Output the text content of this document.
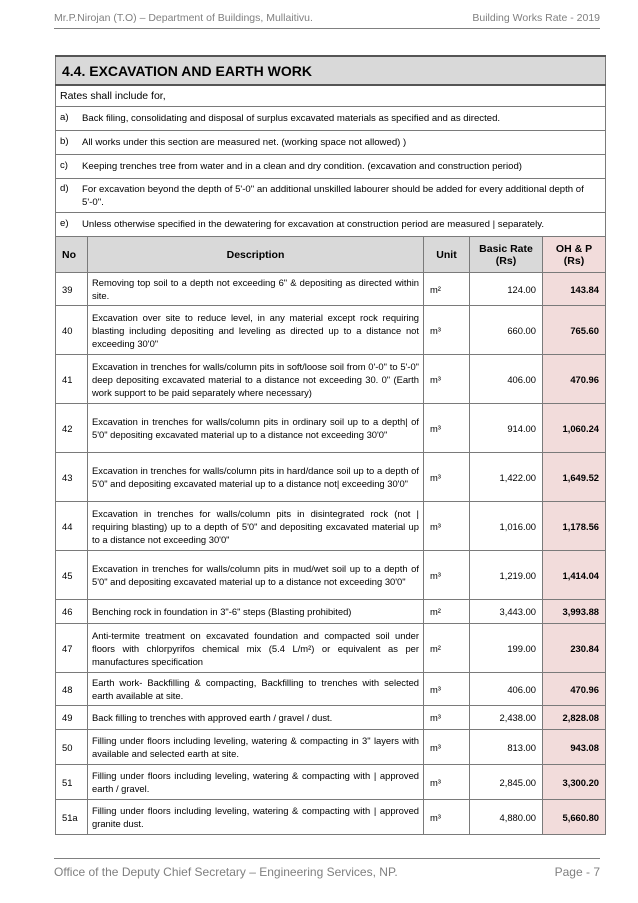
Mr.P.Nirojan (T.O) – Department of Buildings, Mullaitivu.	Building Works Rate - 2019
4.4. EXCAVATION AND EARTH WORK				
Rates shall include for,				
a) Back filing, consolidating and disposal of surplus excavated materials as specified and as directed.				
b) All works under this section are measured net. (working space not allowed) )				
c) Keeping trenches tree from water and in a clean and dry condition. (excavation and construction period)				
d) For excavation beyond the depth of 5'-0" an additional unskilled labourer should be added for every additional depth of 5'-0".				
e) Unless otherwise specified in the dewatering for excavation at construction period are measured | separately.				
No	Description	Unit	Basic Rate (Rs)	OH & P (Rs)
39	Removing top soil to a depth not exceeding 6" & depositing as directed within site.	m²	124.00	143.84
40	Excavation over site to reduce level, in any material except rock requiring blasting including depositing and leveling as directed up to a distance not exceeding 30'0"	m³	660.00	765.60
41	Excavation in trenches for walls/column pits in soft/loose soil from 0'-0" to 5'-0" deep depositing excavated material to a distance not exceeding 30. 0" (Earth work support to be paid separately where necessary)	m³	406.00	470.96
42	Excavation in trenches for walls/column pits in ordinary soil up to a depth| of 5'0" depositing excavated material up to a distance not exceeding 30'0"	m³	914.00	1,060.24
43	Excavation in trenches for walls/column pits in hard/dance soil up to a depth of 5'0" and depositing excavated material up to a distance not| exceeding 30'0"	m³	1,422.00	1,649.52
44	Excavation in trenches for walls/column pits in disintegrated rock (not | requiring blasting) up to a depth of 5'0" and depositing excavated material up to a distance not exceeding 30'0"	m³	1,016.00	1,178.56
45	Excavation in trenches for walls/column pits in mud/wet soil up to a depth of 5'0" and depositing excavated material up to a distance not exceeding 30'0"	m³	1,219.00	1,414.04
46	Benching rock in foundation in 3"-6" steps (Blasting prohibited)	m²	3,443.00	3,993.88
47	Anti-termite treatment on excavated foundation and compacted soil under floors with chlorpyrifos chemical mix (5.4 L/m²) or equivalent as per manufactures specification	m²	199.00	230.84
48	Earth work- Backfilling & compacting, Backfilling to trenches with selected earth available at site.	m³	406.00	470.96
49	Back filling to trenches with approved earth / gravel / dust.	m³	2,438.00	2,828.08
50	Filling under floors including leveling, watering & compacting in 3" layers with available and selected earth at site.	m³	813.00	943.08
51	Filling under floors including leveling, watering & compacting with | approved earth / gravel.	m³	2,845.00	3,300.20
51a	Filling under floors including leveling, watering & compacting with | approved granite dust.	m³	4,880.00	5,660.80
Office of the Deputy Chief Secretary – Engineering Services, NP.	Page - 7
